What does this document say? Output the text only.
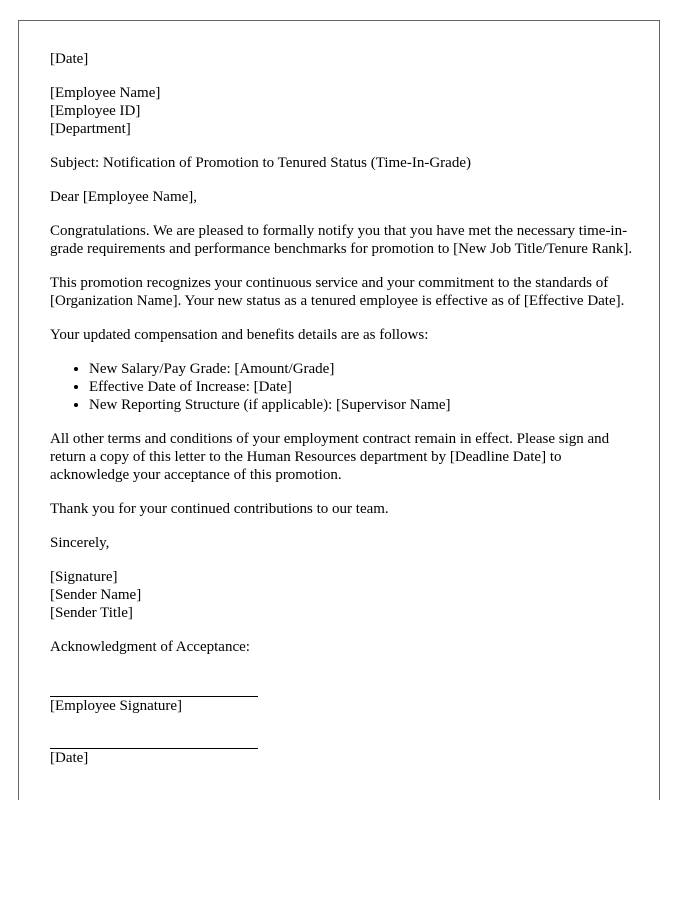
[Date]

[Employee Name]
[Employee ID]
[Department]

Subject: Notification of Promotion to Tenured Status (Time-In-Grade)

Dear [Employee Name],

Congratulations. We are pleased to formally notify you that you have met the necessary time-in-grade requirements and performance benchmarks for promotion to [New Job Title/Tenure Rank].

This promotion recognizes your continuous service and your commitment to the standards of [Organization Name]. Your new status as a tenured employee is effective as of [Effective Date].

Your updated compensation and benefits details are as follows:

• New Salary/Pay Grade: [Amount/Grade]
• Effective Date of Increase: [Date]
• New Reporting Structure (if applicable): [Supervisor Name]

All other terms and conditions of your employment contract remain in effect. Please sign and return a copy of this letter to the Human Resources department by [Deadline Date] to acknowledge your acceptance of this promotion.

Thank you for your continued contributions to our team.

Sincerely,

[Signature]
[Sender Name]
[Sender Title]

Acknowledgment of Acceptance:

[Employee Signature]
[Date]
